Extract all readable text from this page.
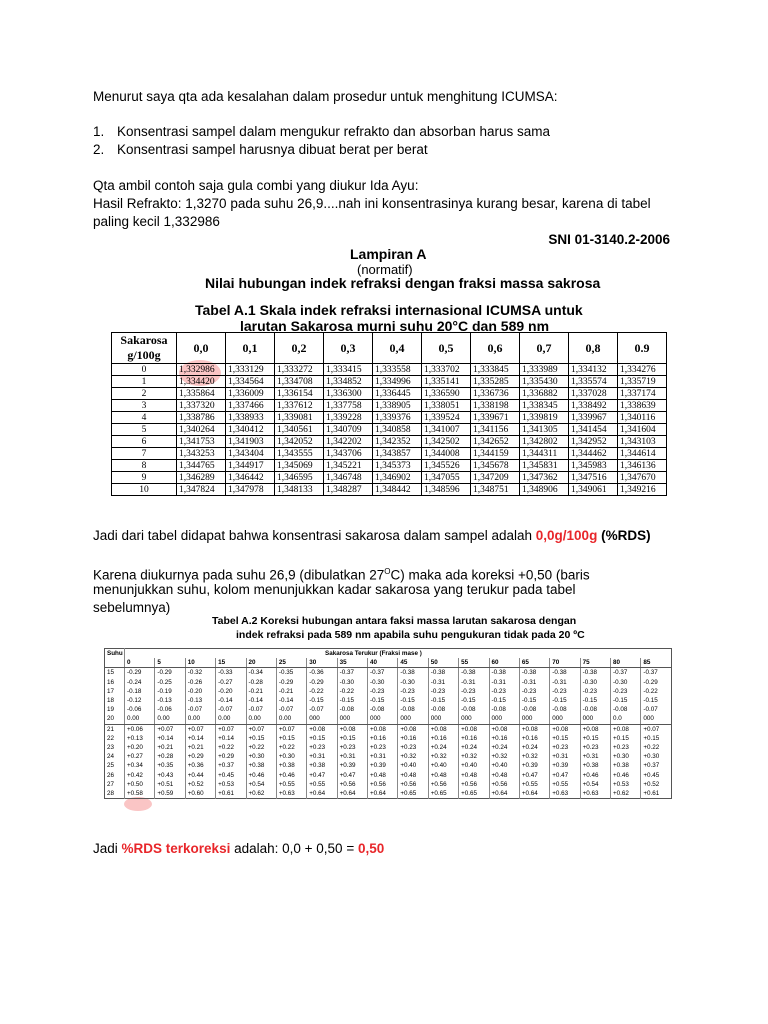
Menurut saya qta ada kesalahan dalam prosedur untuk menghitung ICUMSA:
1. Konsentrasi sampel dalam mengukur refrakto dan absorban harus sama
2. Konsentrasi sampel harusnya dibuat berat per berat
Qta ambil contoh saja gula combi yang diukur Ida Ayu:
Hasil Refrakto: 1,3270 pada suhu 26,9....nah ini konsentrasinya kurang besar, karena di tabel
paling kecil 1,332986
SNI 01-3140.2-2006
Lampiran A
(normatif)
Nilai hubungan indek refraksi dengan fraksi massa sakrosa
Tabel A.1 Skala indek refraksi internasional ICUMSA untuk
larutan Sakarosa murni suhu 20°C dan 589 nm
Sakarosa
g/100g	0,0	0,1	0,2	0,3	0,4	0,5	0,6	0,7	0,8	0.9

0	1,332986	1,333129	1,333272	1,333415	1,333558	1,333702	1,333845	1,333989	1,334132	1,334276
1	1,334420	1,334564	1,334708	1,334852	1,334996	1,335141	1,335285	1,335430	1,335574	1,335719
2	1,335864	1,336009	1,336154	1,336300	1,336445	1,336590	1,336736	1,336882	1,337028	1,337174
3	1,337320	1,337466	1,337612	1,337758	1,338905	1,338051	1,338198	1,338345	1,338492	1,338639
4	1,338786	1,338933	1,339081	1,339228	1,339376	1,339524	1,339671	1,339819	1,339967	1,340116
5	1,340264	1,340412	1,340561	1,340709	1,340858	1,341007	1,341156	1,341305	1,341454	1,341604
6	1,341753	1,341903	1,342052	1,342202	1,342352	1,342502	1,342652	1,342802	1,342952	1,343103
7	1,343253	1,343404	1,343555	1,343706	1,343857	1,344008	1,344159	1,344311	1,344462	1,344614
8	1,344765	1,344917	1,345069	1,345221	1,345373	1,345526	1,345678	1,345831	1,345983	1,346136
9	1,346289	1,346442	1,346595	1,346748	1,346902	1,347055	1,347209	1,347362	1,347516	1,347670
10	1,347824	1,347978	1,348133	1,348287	1,348442	1,348596	1,348751	1,348906	1,349061	1,349216
Jadi dari tabel didapat bahwa konsentrasi sakarosa dalam sampel adalah 0,0g/100g (%RDS)
Karena diukurnya pada suhu 26,9 (dibulatkan $27^OC$) maka ada koreksi +0,50 (baris
menunjukkan suhu, kolom menunjukkan kadar sakarosa yang terukur pada tabel
sebelumnya)
Tabel A.2 Koreksi hubungan antara faksi massa larutan sakarosa dengan
indek refraksi pada 589 nm apabila suhu pengukuran tidak pada 20 ºC
Suhu	Sakarosa Terukur (Fraksi mase )																	
	0	5	10	15	20	25	30	35	40	45	50	55	60	65	70	75	80	85
15	-0.29	-0.29	-0.32	-0.33	-0.34	-0.35	-0.36	-0.37	-0.37	-0.38	-0.38	-0.38	-0.38	-0.38	-0.38	-0.38	-0.37	-0.37
16	-0.24	-0.25	-0.26	-0.27	-0.28	-0.29	-0.29	-0.30	-0.30	-0.30	-0.31	-0.31	-0.31	-0.31	-0.31	-0.30	-0.30	-0.29
17	-0.18	-0.19	-0.20	-0.20	-0.21	-0.21	-0.22	-0.22	-0.23	-0.23	-0.23	-0.23	-0.23	-0.23	-0.23	-0.23	-0.23	-0.22
18	-0.12	-0.13	-0.13	-0.14	-0.14	-0.14	-0.15	-0.15	-0.15	-0.15	-0.15	-0.15	-0.15	-0.15	-0.15	-0.15	-0.15	-0.15
19	-0.06	-0.06	-0.07	-0.07	-0.07	-0.07	-0.07	-0.08	-0.08	-0.08	-0.08	-0.08	-0.08	-0.08	-0.08	-0.08	-0.08	-0.07
20	0.00	0.00	0.00	0.00	0.00	0.00	000	000	000	000	000	000	000	000	000	000	0.0	000
21	+0.06	+0.07	+0.07	+0.07	+0.07	+0.07	+0.08	+0.08	+0.08	+0.08	+0.08	+0.08	+0.08	+0.08	+0.08	+0.08	+0.08	+0.07
22	+0.13	+0.14	+0.14	+0.14	+0.15	+0.15	+0.15	+0.15	+0.16	+0.16	+0.16	+0.16	+0.16	+0.16	+0.15	+0.15	+0.15	+0.15
23	+0.20	+0.21	+0.21	+0.22	+0.22	+0.22	+0.23	+0.23	+0.23	+0.23	+0.24	+0.24	+0.24	+0.24	+0.23	+0.23	+0.23	+0.22
24	+0.27	+0.28	+0.29	+0.29	+0.30	+0.30	+0.31	+0.31	+0.31	+0.32	+0.32	+0.32	+0.32	+0.32	+0.31	+0.31	+0.30	+0.30
25	+0.34	+0.35	+0.36	+0.37	+0.38	+0.38	+0.38	+0.39	+0.39	+0.40	+0.40	+0.40	+0.40	+0.39	+0.39	+0.38	+0.38	+0.37
26	+0.42	+0.43	+0.44	+0.45	+0.46	+0.46	+0.47	+0.47	+0.48	+0.48	+0.48	+0.48	+0.48	+0.47	+0.47	+0.46	+0.46	+0.45
27	+0.50	+0.51	+0.52	+0.53	+0.54	+0.55	+0.55	+0.56	+0.56	+0.56	+0.56	+0.56	+0.56	+0.55	+0.55	+0.54	+0.53	+0.52
28	+0.58	+0.59	+0.60	+0.61	+0.62	+0.63	+0.64	+0.64	+0.64	+0.65	+0.65	+0.65	+0.64	+0.64	+0.63	+0.63	+0.62	+0.61
Jadi %RDS terkoreksi adalah: 0,0 + 0,50 = 0,50
